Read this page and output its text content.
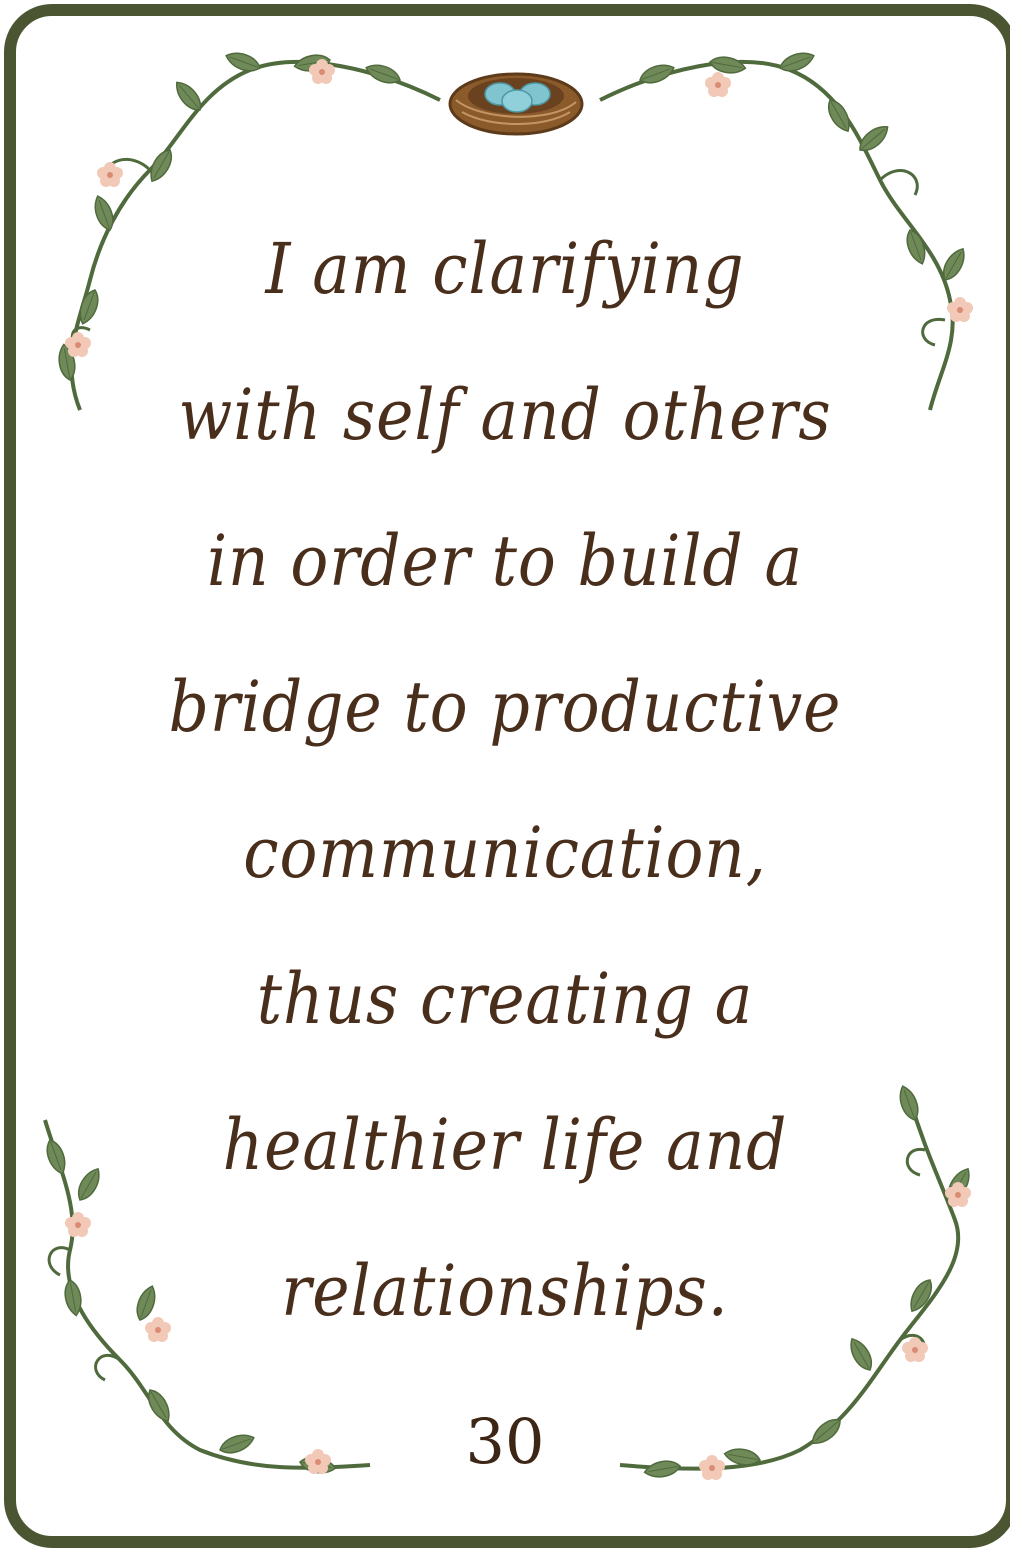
I am clarifying
with self and others
in order to build a
bridge to productive
communication,
thus creating a
healthier life and
relationships.
30
